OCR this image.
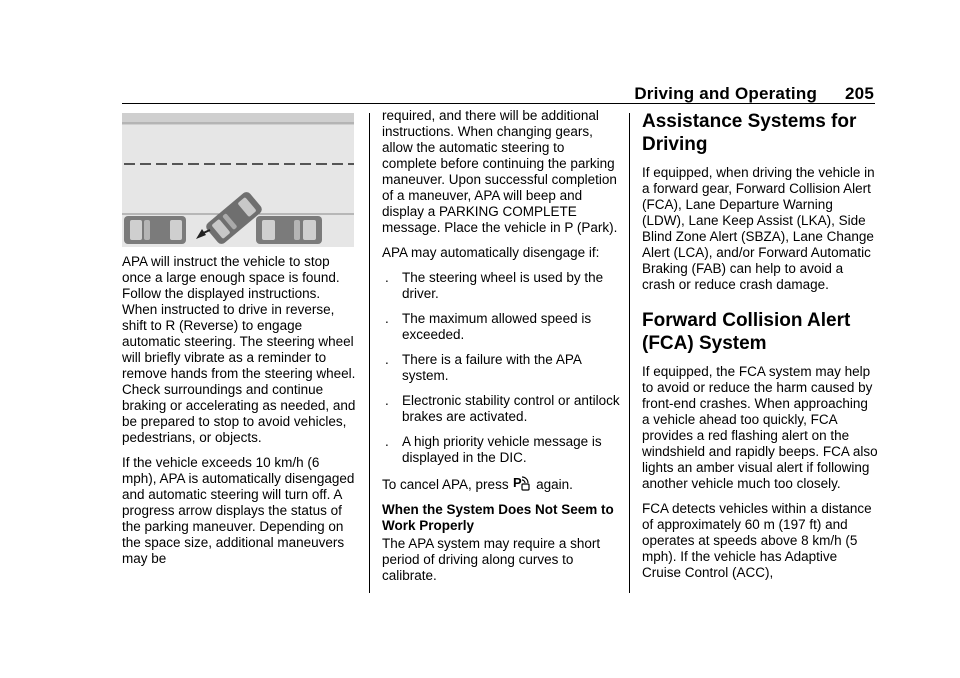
Driving and Operating 205

APA will instruct the vehicle to stop once a large enough space is found. Follow the displayed instructions. When instructed to drive in reverse, shift to R (Reverse) to engage automatic steering. The steering wheel will briefly vibrate as a reminder to remove hands from the steering wheel. Check surroundings and continue braking or accelerating as needed, and be prepared to stop to avoid vehicles, pedestrians, or objects.

If the vehicle exceeds 10 km/h (6 mph), APA is automatically disengaged and automatic steering will turn off. A progress arrow displays the status of the parking maneuver. Depending on the space size, additional maneuvers may be

required, and there will be additional instructions. When changing gears, allow the automatic steering to complete before continuing the parking maneuver. Upon successful completion of a maneuver, APA will beep and display a PARKING COMPLETE message. Place the vehicle in P (Park).

APA may automatically disengage if:

. The steering wheel is used by the driver.
. The maximum allowed speed is exceeded.
. There is a failure with the APA system.
. Electronic stability control or antilock brakes are activated.
. A high priority vehicle message is displayed in the DIC.

To cancel APA, press P again.

When the System Does Not Seem to Work Properly

The APA system may require a short period of driving along curves to calibrate.

Assistance Systems for Driving

If equipped, when driving the vehicle in a forward gear, Forward Collision Alert (FCA), Lane Departure Warning (LDW), Lane Keep Assist (LKA), Side Blind Zone Alert (SBZA), Lane Change Alert (LCA), and/or Forward Automatic Braking (FAB) can help to avoid a crash or reduce crash damage.

Forward Collision Alert (FCA) System

If equipped, the FCA system may help to avoid or reduce the harm caused by front-end crashes. When approaching a vehicle ahead too quickly, FCA provides a red flashing alert on the windshield and rapidly beeps. FCA also lights an amber visual alert if following another vehicle much too closely.

FCA detects vehicles within a distance of approximately 60 m (197 ft) and operates at speeds above 8 km/h (5 mph). If the vehicle has Adaptive Cruise Control (ACC),
